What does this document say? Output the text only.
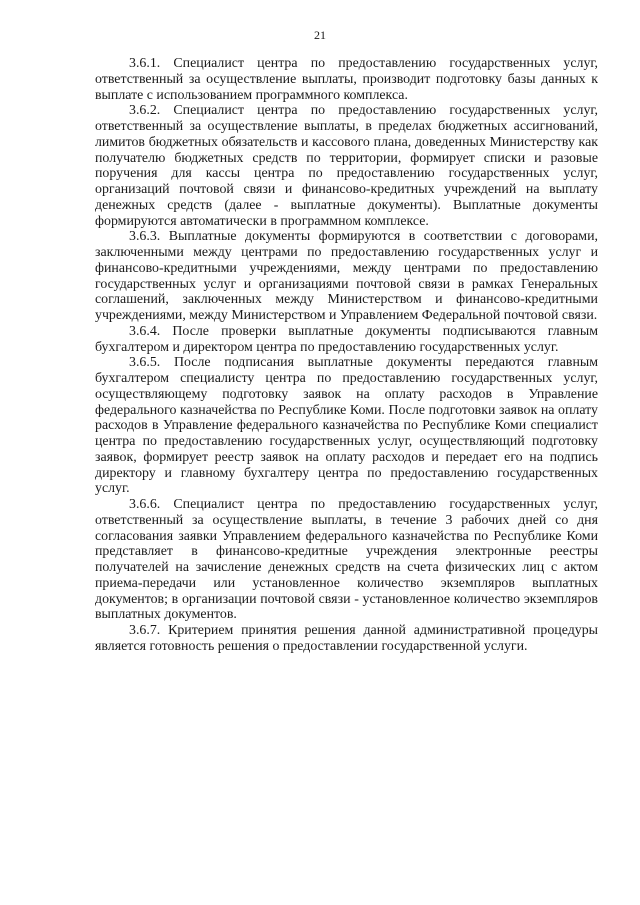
21

3.6.1. Специалист центра по предоставлению государственных услуг, ответственный за осуществление выплаты, производит подготовку базы данных к выплате с использованием программного комплекса.

3.6.2. Специалист центра по предоставлению государственных услуг, ответственный за осуществление выплаты, в пределах бюджетных ассигнований, лимитов бюджетных обязательств и кассового плана, доведенных Министерству как получателю бюджетных средств по территории, формирует списки и разовые поручения для кассы центра по предоставлению государственных услуг, организаций почтовой связи и финансово-кредитных учреждений на выплату денежных средств (далее - выплатные документы). Выплатные документы формируются автоматически в программном комплексе.

3.6.3. Выплатные документы формируются в соответствии с договорами, заключенными между центрами по предоставлению государственных услуг и финансово-кредитными учреждениями, между центрами по предоставлению государственных услуг и организациями почтовой связи в рамках Генеральных соглашений, заключенных между Министерством и финансово-кредитными учреждениями, между Министерством и Управлением Федеральной почтовой связи.

3.6.4. После проверки выплатные документы подписываются главным бухгалтером и директором центра по предоставлению государственных услуг.

3.6.5. После подписания выплатные документы передаются главным бухгалтером специалисту центра по предоставлению государственных услуг, осуществляющему подготовку заявок на оплату расходов в Управление федерального казначейства по Республике Коми. После подготовки заявок на оплату расходов в Управление федерального казначейства по Республике Коми специалист центра по предоставлению государственных услуг, осуществляющий подготовку заявок, формирует реестр заявок на оплату расходов и передает его на подпись директору и главному бухгалтеру центра по предоставлению государственных услуг.

3.6.6. Специалист центра по предоставлению государственных услуг, ответственный за осуществление выплаты, в течение 3 рабочих дней со дня согласования заявки Управлением федерального казначейства по Республике Коми представляет в финансово-кредитные учреждения электронные реестры получателей на зачисление денежных средств на счета физических лиц с актом приема-передачи или установленное количество экземпляров выплатных документов; в организации почтовой связи - установленное количество экземпляров выплатных документов.

3.6.7. Критерием принятия решения данной административной процедуры является готовность решения о предоставлении государственной услуги.
